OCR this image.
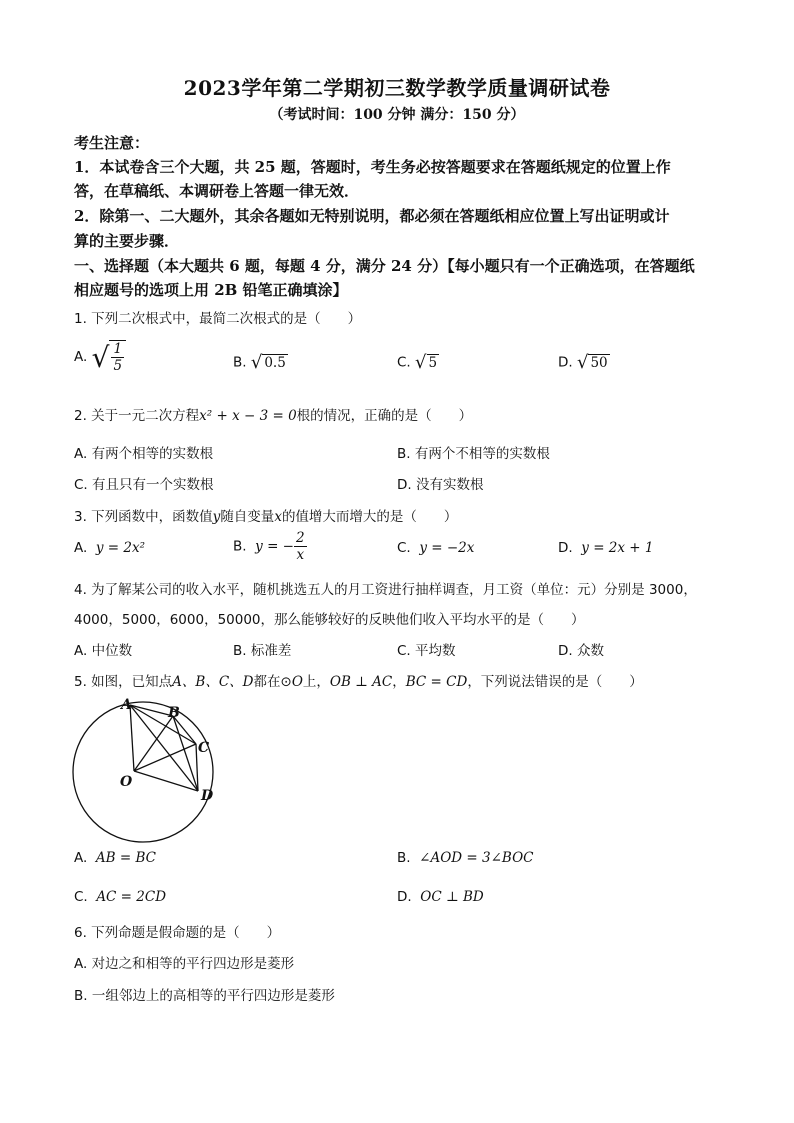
2023学年第二学期初三数学教学质量调研试卷
（考试时间：100 分钟 满分：150 分）
考生注意：
1．本试卷含三个大题，共 25 题，答题时，考生务必按答题要求在答题纸规定的位置上作
答，在草稿纸、本调研卷上答题一律无效．
2．除第一、二大题外，其余各题如无特别说明，都必须在答题纸相应位置上写出证明或计
算的主要步骤．
一、选择题（本大题共 6 题，每题 4 分，满分 24 分）【每小题只有一个正确选项，在答题纸
相应题号的选项上用 2B 铅笔正确填涂】
1. 下列二次根式中，最简二次根式的是（　　）
A. √ $\frac{1}{5}$	B. √ 0.5	C. √ 5	D. √ 50
2. 关于一元二次方程x² + x − 3 = 0根的情况，正确的是（　　）
A. 有两个相等的实数根	B. 有两个不相等的实数根
C. 有且只有一个实数根	D. 没有实数根
3. 下列函数中，函数值y随自变量x的值增大而增大的是（　　）
A. y = 2x²	B. y = − $\frac{2}{x}$	C. y = −2x	D. y = 2x + 1
4. 为了解某公司的收入水平，随机挑选五人的月工资进行抽样调查，月工资（单位：元）分别是 3000，
4000，5000，6000，50000，那么能够较好的反映他们收入平均水平的是（　　）
A. 中位数	B. 标准差	C. 平均数	D. 众数
5. 如图，已知点A、B、C、D都在⊙O上，OB ⊥ AC，BC = CD，下列说法错误的是（　　）
A	B
C
O
D
A. AB = BC	B. ∠AOD = 3∠BOC
C. AC = 2CD	D. OC ⊥ BD
6. 下列命题是假命题的是（　　）
A. 对边之和相等的平行四边形是菱形
B. 一组邻边上的高相等的平行四边形是菱形
